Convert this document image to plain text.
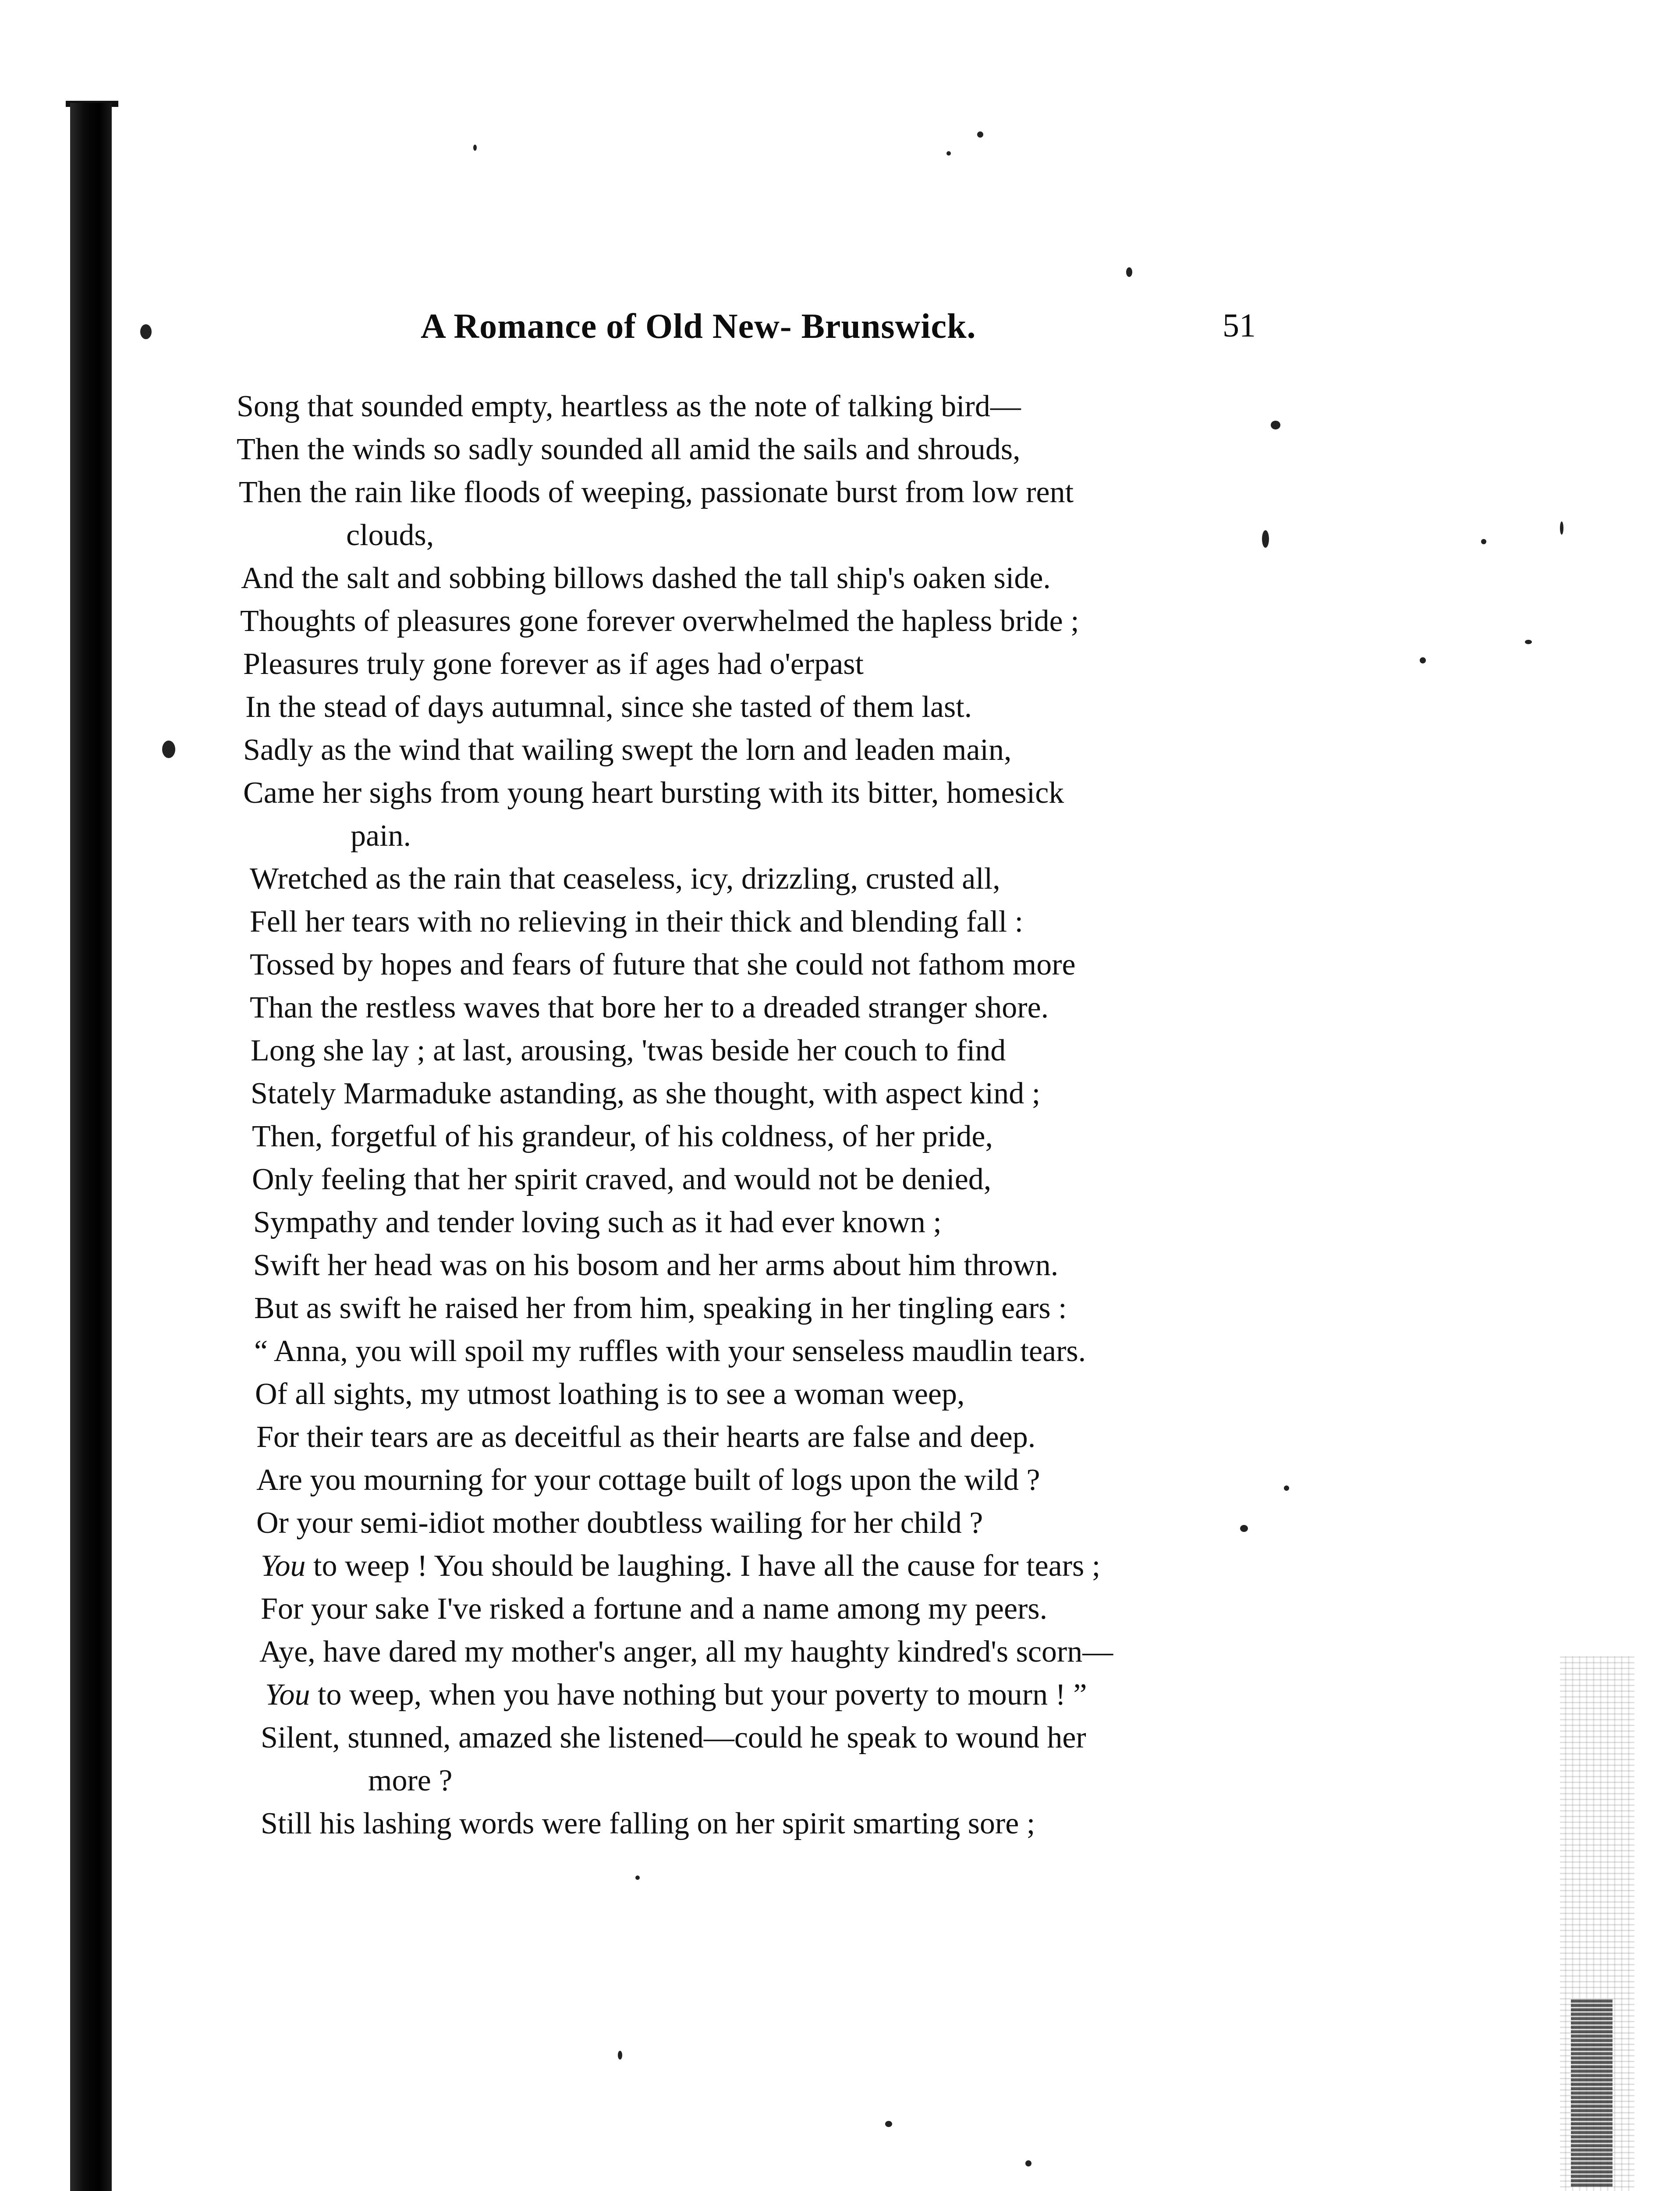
A Romance of Old New- Brunswick.	51
Song that sounded empty, heartless as the note of talking bird—
Then the winds so sadly sounded all amid the sails and shrouds,
Then the rain like floods of weeping, passionate burst from low rent
clouds,
And the salt and sobbing billows dashed the tall ship's oaken side.
Thoughts of pleasures gone forever overwhelmed the hapless bride ;
Pleasures truly gone forever as if ages had o'erpast
In the stead of days autumnal, since she tasted of them last.
Sadly as the wind that wailing swept the lorn and leaden main,
Came her sighs from young heart bursting with its bitter, homesick
pain.
Wretched as the rain that ceaseless, icy, drizzling, crusted all,
Fell her tears with no relieving in their thick and blending fall :
Tossed by hopes and fears of future that she could not fathom more
Than the restless waves that bore her to a dreaded stranger shore.
Long she lay ; at last, arousing, 'twas beside her couch to find
Stately Marmaduke astanding, as she thought, with aspect kind ;
Then, forgetful of his grandeur, of his coldness, of her pride,
Only feeling that her spirit craved, and would not be denied,
Sympathy and tender loving such as it had ever known ;
Swift her head was on his bosom and her arms about him thrown.
But as swift he raised her from him, speaking in her tingling ears :
“ Anna, you will spoil my ruffles with your senseless maudlin tears.
Of all sights, my utmost loathing is to see a woman weep,
For their tears are as deceitful as their hearts are false and deep.
Are you mourning for your cottage built of logs upon the wild ?
Or your semi-idiot mother doubtless wailing for her child ?
You to weep ! You should be laughing. I have all the cause for tears ;
For your sake I've risked a fortune and a name among my peers.
Aye, have dared my mother's anger, all my haughty kindred's scorn—
You to weep, when you have nothing but your poverty to mourn ! ”
Silent, stunned, amazed she listened—could he speak to wound her
more ?
Still his lashing words were falling on her spirit smarting sore ;
